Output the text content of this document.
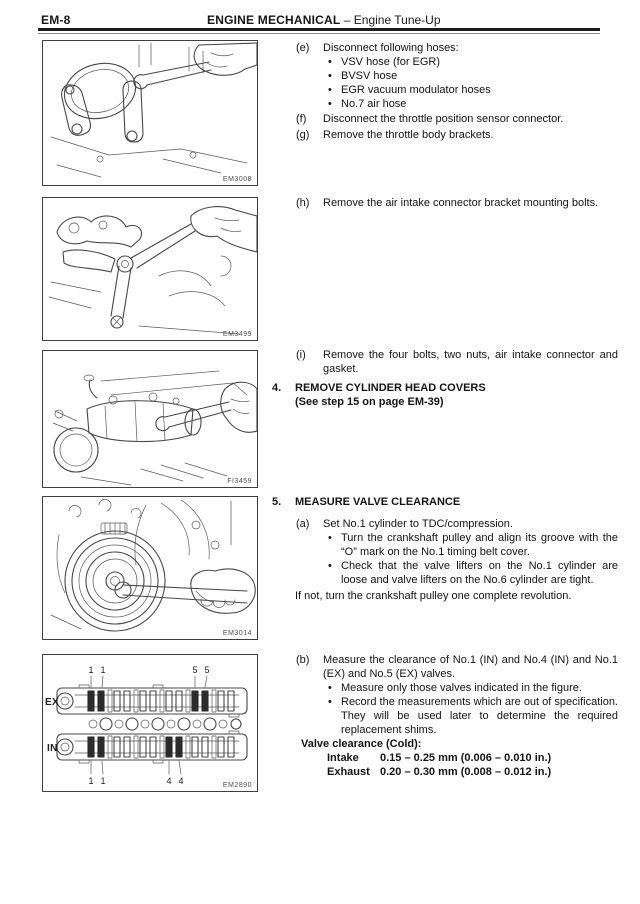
EM-8	ENGINE MECHANICAL – Engine Tune-Up
EM3008
EM3499
FI3459
EM3014
EX
IN
1 1	5 5
1 1	4 4	EM2890
(e)	Disconnect following hoses:
• VSV hose (for EGR)
• BVSV hose
• EGR vacuum modulator hoses
• No.7 air hose
(f)	Disconnect the throttle position sensor connector.
(g)	Remove the throttle body brackets.
(h)	Remove the air intake connector bracket mounting bolts.
(i)	Remove the four bolts, two nuts, air intake connector and gasket.
4.	REMOVE CYLINDER HEAD COVERS
(See step 15 on page EM-39)
5.	MEASURE VALVE CLEARANCE
(a)	Set No.1 cylinder to TDC/compression.
• Turn the crankshaft pulley and align its groove with the “O” mark on the No.1 timing belt cover.
• Check that the valve lifters on the No.1 cylinder are loose and valve lifters on the No.6 cylinder are tight.
If not, turn the crankshaft pulley one complete revolution.
(b)	Measure the clearance of No.1 (IN) and No.4 (IN) and No.1 (EX) and No.5 (EX) valves.
• Measure only those valves indicated in the figure.
• Record the measurements which are out of specification. They will be used later to determine the required replacement shims.
Valve clearance (Cold):
Intake	0.15 – 0.25 mm (0.006 – 0.010 in.)
Exhaust 0.20 – 0.30 mm (0.008 – 0.012 in.)
